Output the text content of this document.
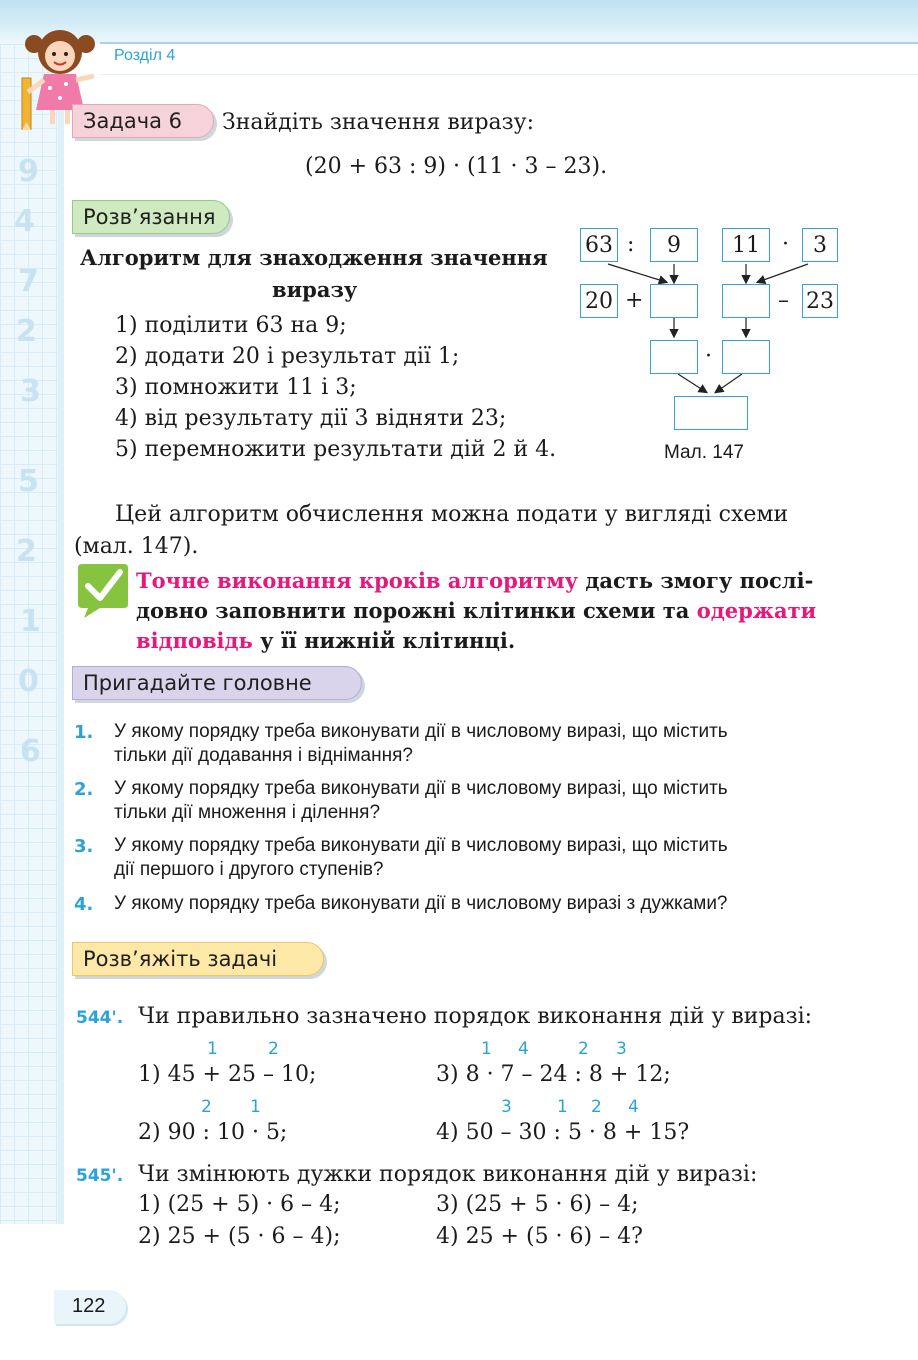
9
4
7
2
3
5
2
1
0
6
Розділ 4
Задача 6 Знайдіть значення виразу:
(20 + 63 : 9) · (11 · 3 – 23).
Розв’язання
Алгоритм для знаходження значення
виразу
1) поділити 63 на 9;
2) додати 20 і результат дії 1;
3) помножити 11 і 3;
4) від результату дії 3 відняти 23;
5) перемножити результати дій 2 й 4.
63 :	9	11	·	3
20 +	– 23
·
Мал. 147
Цей алгоритм обчислення можна подати у вигляді схеми
(мал. 147).
Точне виконання кроків алгоритму дасть змогу послі-
довно заповнити порожні клітинки схеми та одержати
відповідь у її нижній клітинці.
Пригадайте головне
1. У якому порядку треба виконувати дії в числовому виразі, що містить
тільки дії додавання і віднімання?
2. У якому порядку треба виконувати дії в числовому виразі, що містить
тільки дії множення і ділення?
3. У якому порядку треба виконувати дії в числовому виразі, що містить
дії першого і другого ступенів?
4. У якому порядку треба виконувати дії в числовому виразі з дужками?
Розв’яжіть задачі
544'. Чи правильно зазначено порядок виконання дій у виразі:
1	2
1) 45 + 25 – 10;
1 4	2 3
3) 8 · 7 – 24 : 8 + 12;
2 1
2) 90 : 10 · 5;
3	1 2 4
4) 50 – 30 : 5 · 8 + 15?
545'. Чи змінюють дужки порядок виконання дій у виразі:
1) (25 + 5) · 6 – 4;	3) (25 + 5 · 6) – 4;
2) 25 + (5 · 6 – 4);	4) 25 + (5 · 6) – 4?
122
